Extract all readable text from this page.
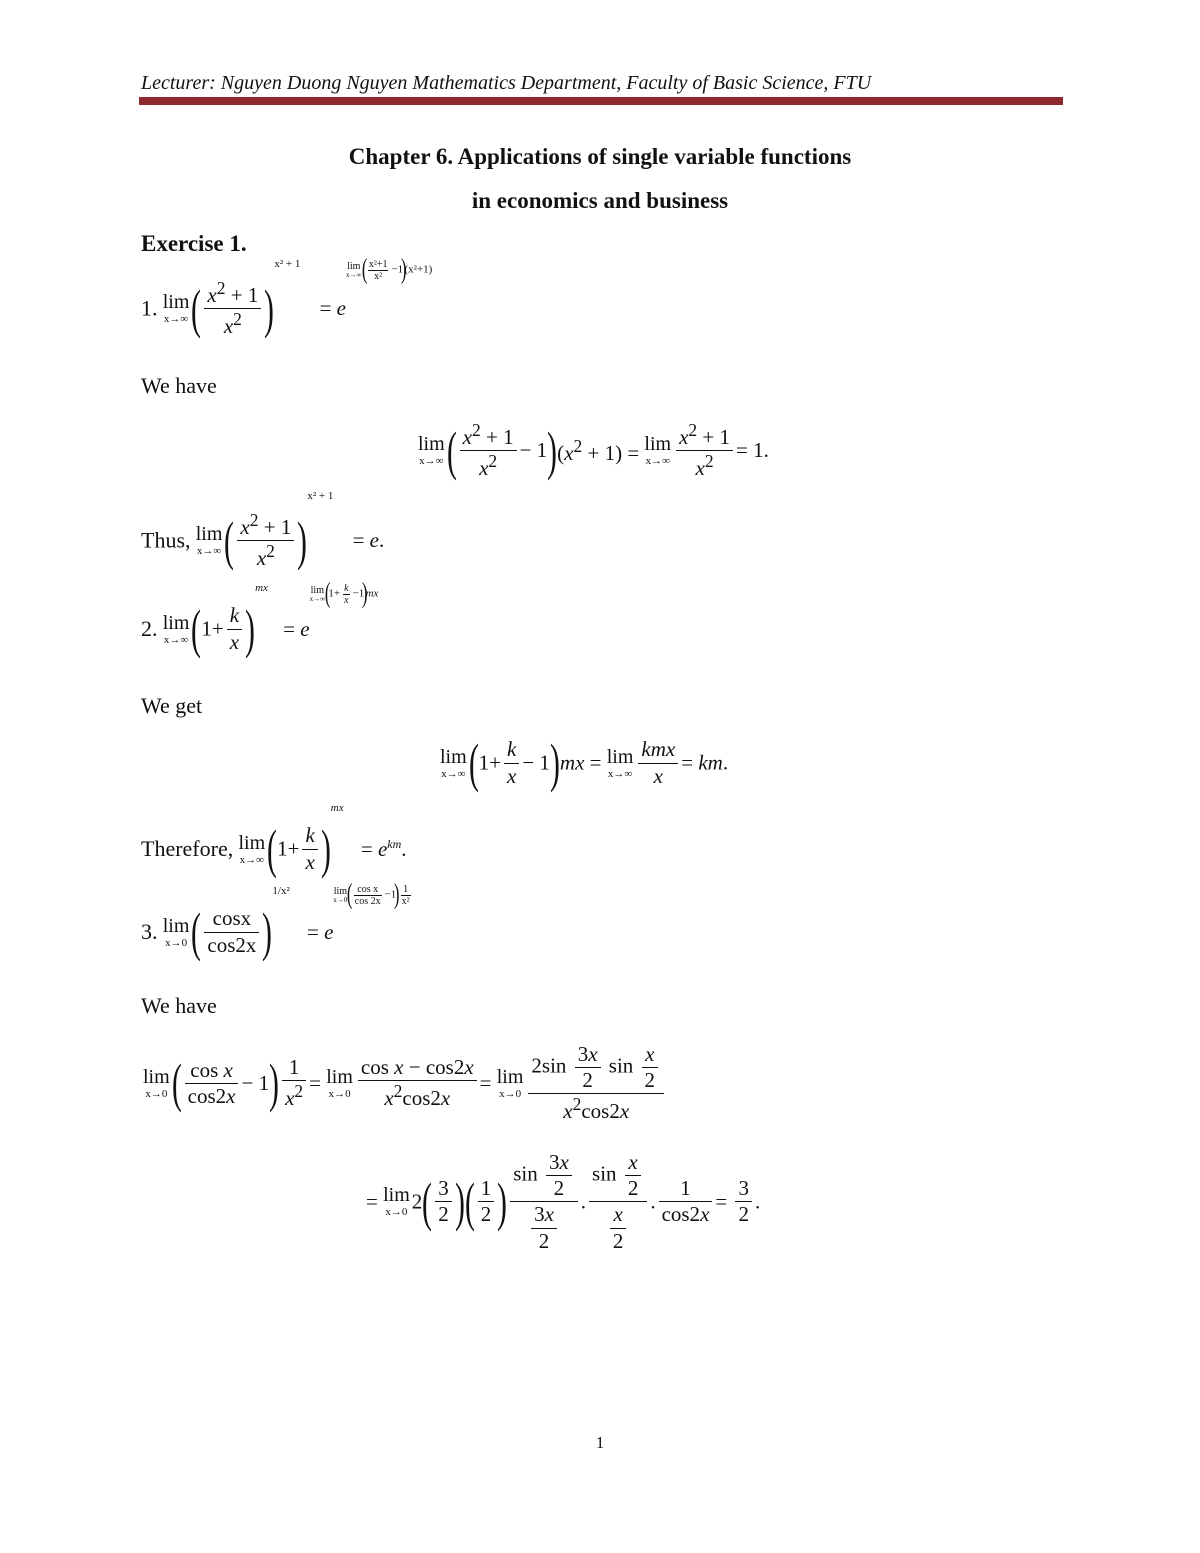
Lecturer: Nguyen Duong Nguyen Mathematics Department, Faculty of Basic Science, FTU
Chapter 6. Applications of single variable functions
in economics and business
Exercise 1.
1. lim
x→∞ ( $\frac{x^2 + 1}{x^2} )x^2 + 1 = e$
lim
x→∞ ( $\frac{\text{x²+1}}{\text{x²}} -1)(x^2+1)$
We have
lim
x→∞ ( $\frac{x^2 + 1}{x^2} - 1)(x^2 + 1) = \lim$
$x\to\infty \frac{x^2 + 1}{x^2} = 1$.
Thus, lim
x→∞ ( $\frac{x^2 + 1}{x^2} )x^2 + 1 = e$.
2. lim
x→∞ $(1+ \frac{k}{x} )mx = e$
lim
x→∞ $(1+ \frac{k}{x} -1)mx$
We get
lim
x→∞ $(1+ \frac{k}{x} - 1)mx = \lim$
x→∞
kmx
x
= km.
Therefore, lim
x→∞ $(1+ \frac{k}{x} )mx = e^{km}$.
3. lim
x→0 ( $\frac{\cos x}{\cos 2x} )1/x^2 = e$
lim
x→0 ( $\frac{\text{cos x}}{\cos 2x} -1) \frac{1}{\text{x²}}$
We have
lim
x→0 ( $\frac{\text{cos x}}{\cos 2x} - 1) \frac{1}{x^2} = \lim$
$x\to 0 \frac{\text{cos x − cos2x}}{x^2\cos 2x} = \lim$
$x\to 0 \frac{2\sin \frac{3x}{2} \sin \frac{x}{2}}{x^2\cos 2x}$
= lim
x→0 $2( \frac{3}{2}$ )( $\frac{1}{2}$ ) $\frac{\sin \frac{3x}{2}}{\frac{3x}{2}}$ . $\frac{\sin \frac{x}{2}}{\frac{x}{2}}$ . $\frac{1}{\cos 2x} = \frac{3}{2}$ .
1
